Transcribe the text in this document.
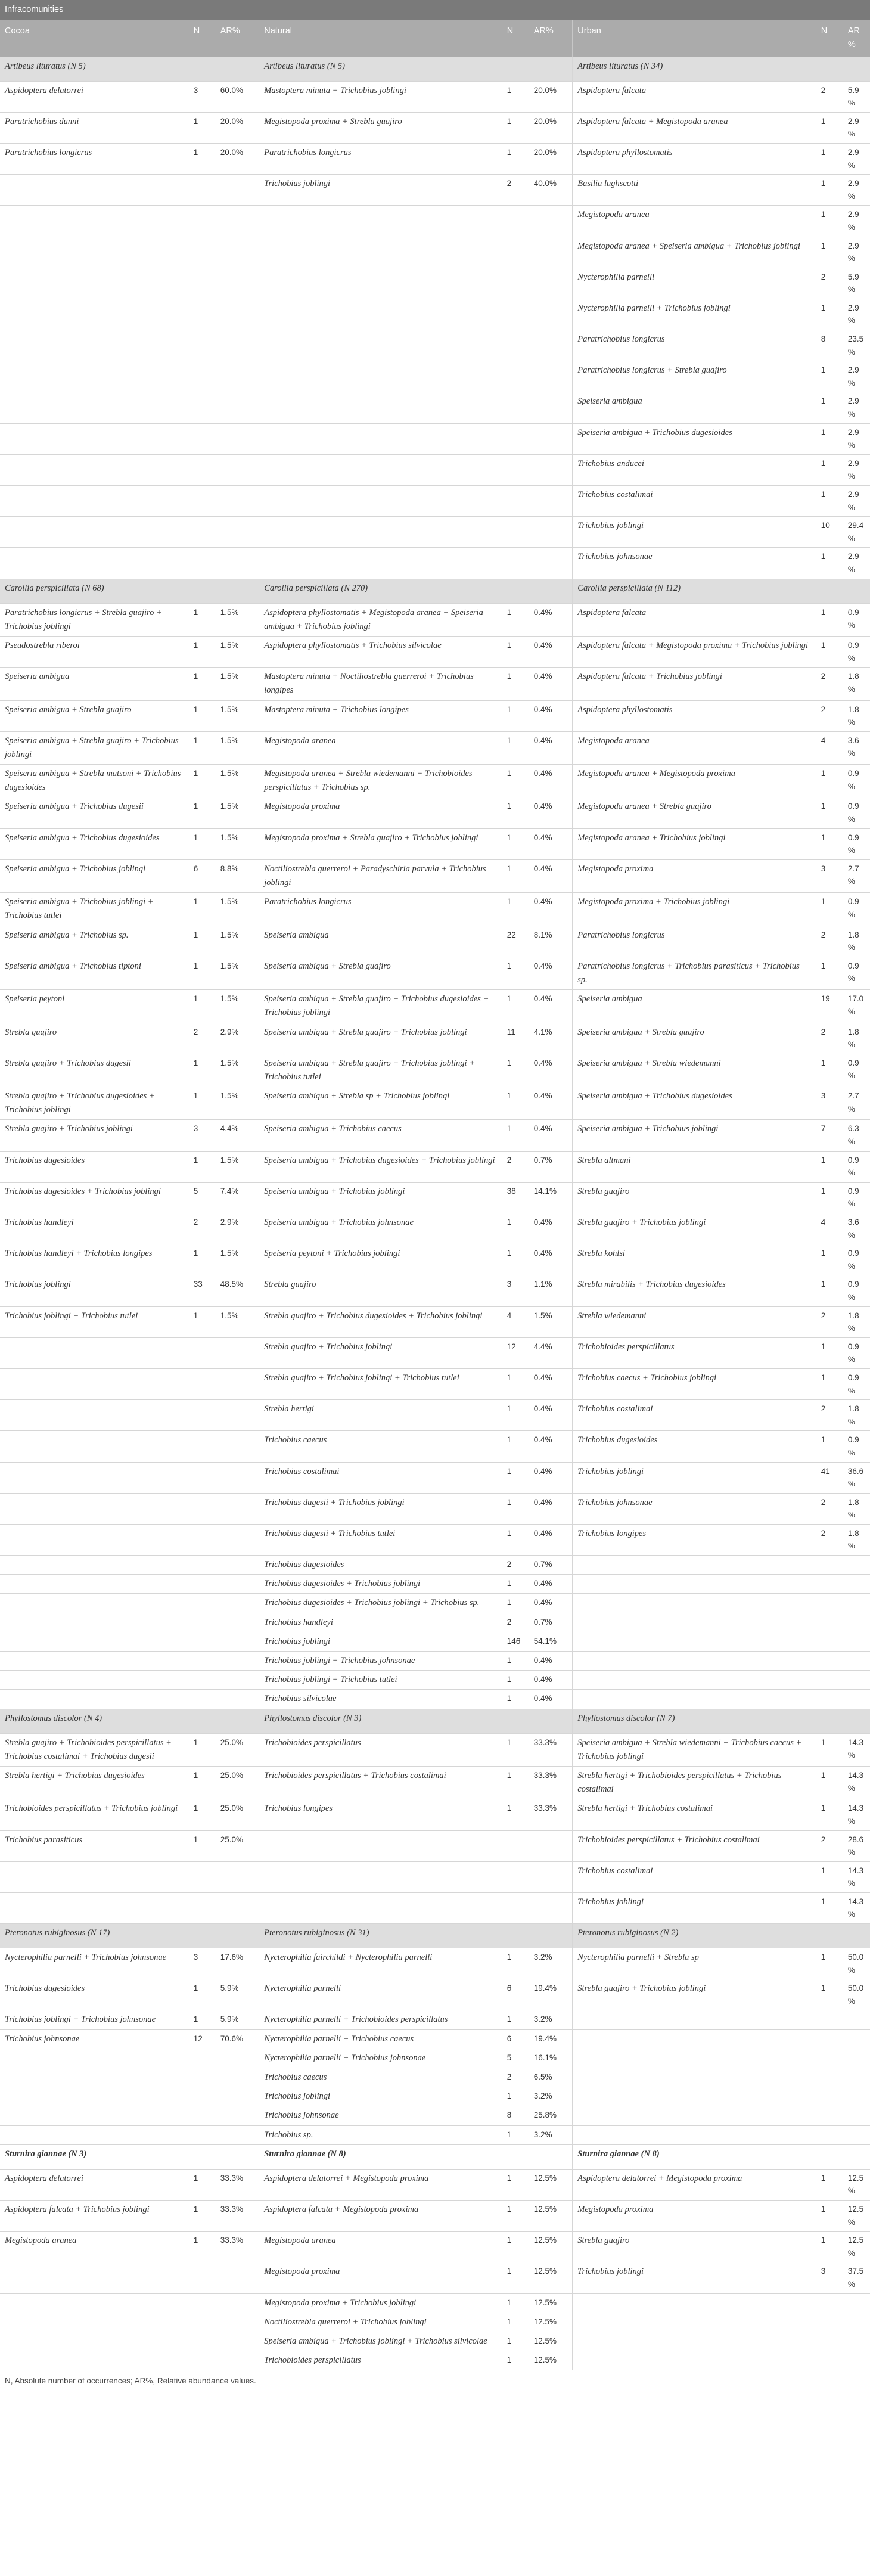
Infracomunities								
Cocoa	N	AR%	Natural	N	AR%	Urban	N	AR%
Artibeus lituratus (N 5)			Artibeus lituratus (N 5)			Artibeus lituratus (N 34)		
Aspidoptera delatorrei	3	60.0%	Mastoptera minuta + Trichobius joblingi	1	20.0%	Aspidoptera falcata	2	5.9%
Paratrichobius dunni	1	20.0%	Megistopoda proxima + Strebla guajiro	1	20.0%	Aspidoptera falcata + Megistopoda aranea	1	2.9%
Paratrichobius longicrus	1	20.0%	Paratrichobius longicrus	1	20.0%	Aspidoptera phyllostomatis	1	2.9%
			Trichobius joblingi	2	40.0%	Basilia lughscotti	1	2.9%
						Megistopoda aranea	1	2.9%
						Megistopoda aranea + Speiseria ambigua + Trichobius joblingi	1	2.9%
						Nycterophilia parnelli	2	5.9%
						Nycterophilia parnelli + Trichobius joblingi	1	2.9%
						Paratrichobius longicrus	8	23.5%
						Paratrichobius longicrus + Strebla guajiro	1	2.9%
						Speiseria ambigua	1	2.9%
						Speiseria ambigua + Trichobius dugesioides	1	2.9%
						Trichobius anducei	1	2.9%
						Trichobius costalimai	1	2.9%
						Trichobius joblingi	10	29.4%
						Trichobius johnsonae	1	2.9%
Carollia perspicillata (N 68)			Carollia perspicillata (N 270)			Carollia perspicillata (N 112)		
Paratrichobius longicrus + Strebla guajiro + Trichobius joblingi	1	1.5%	Aspidoptera phyllostomatis + Megistopoda aranea + Speiseria ambigua + Trichobius joblingi	1	0.4%	Aspidoptera falcata	1	0.9%
Pseudostrebla riberoi	1	1.5%	Aspidoptera phyllostomatis + Trichobius silvicolae	1	0.4%	Aspidoptera falcata + Megistopoda proxima + Trichobius joblingi	1	0.9%
Speiseria ambigua	1	1.5%	Mastoptera minuta + Noctiliostrebla guerreroi + Trichobius longipes	1	0.4%	Aspidoptera falcata + Trichobius joblingi	2	1.8%
Speiseria ambigua + Strebla guajiro	1	1.5%	Mastoptera minuta + Trichobius longipes	1	0.4%	Aspidoptera phyllostomatis	2	1.8%
Speiseria ambigua + Strebla guajiro + Trichobius joblingi	1	1.5%	Megistopoda aranea	1	0.4%	Megistopoda aranea	4	3.6%
Speiseria ambigua + Strebla matsoni + Trichobius dugesioides	1	1.5%	Megistopoda aranea + Strebla wiedemanni + Trichobioides perspicillatus + Trichobius sp.	1	0.4%	Megistopoda aranea + Megistopoda proxima	1	0.9%
Speiseria ambigua + Trichobius dugesii	1	1.5%	Megistopoda proxima	1	0.4%	Megistopoda aranea + Strebla guajiro	1	0.9%
Speiseria ambigua + Trichobius dugesioides	1	1.5%	Megistopoda proxima + Strebla guajiro + Trichobius joblingi	1	0.4%	Megistopoda aranea + Trichobius joblingi	1	0.9%
Speiseria ambigua + Trichobius joblingi	6	8.8%	Noctiliostrebla guerreroi + Paradyschiria parvula + Trichobius joblingi	1	0.4%	Megistopoda proxima	3	2.7%
Speiseria ambigua + Trichobius joblingi + Trichobius tutlei	1	1.5%	Paratrichobius longicrus	1	0.4%	Megistopoda proxima + Trichobius joblingi	1	0.9%
Speiseria ambigua + Trichobius sp.	1	1.5%	Speiseria ambigua	22	8.1%	Paratrichobius longicrus	2	1.8%
Speiseria ambigua + Trichobius tiptoni	1	1.5%	Speiseria ambigua + Strebla guajiro	1	0.4%	Paratrichobius longicrus + Trichobius parasiticus + Trichobius sp.	1	0.9%
Speiseria peytoni	1	1.5%	Speiseria ambigua + Strebla guajiro + Trichobius dugesioides + Trichobius joblingi	1	0.4%	Speiseria ambigua	19	17.0%
Strebla guajiro	2	2.9%	Speiseria ambigua + Strebla guajiro + Trichobius joblingi	11	4.1%	Speiseria ambigua + Strebla guajiro	2	1.8%
Strebla guajiro + Trichobius dugesii	1	1.5%	Speiseria ambigua + Strebla guajiro + Trichobius joblingi + Trichobius tutlei	1	0.4%	Speiseria ambigua + Strebla wiedemanni	1	0.9%
Strebla guajiro + Trichobius dugesioides + Trichobius joblingi	1	1.5%	Speiseria ambigua + Strebla sp + Trichobius joblingi	1	0.4%	Speiseria ambigua + Trichobius dugesioides	3	2.7%
Strebla guajiro + Trichobius joblingi	3	4.4%	Speiseria ambigua + Trichobius caecus	1	0.4%	Speiseria ambigua + Trichobius joblingi	7	6.3%
Trichobius dugesioides	1	1.5%	Speiseria ambigua + Trichobius dugesioides + Trichobius joblingi	2	0.7%	Strebla altmani	1	0.9%
Trichobius dugesioides + Trichobius joblingi	5	7.4%	Speiseria ambigua + Trichobius joblingi	38	14.1%	Strebla guajiro	1	0.9%
Trichobius handleyi	2	2.9%	Speiseria ambigua + Trichobius johnsonae	1	0.4%	Strebla guajiro + Trichobius joblingi	4	3.6%
Trichobius handleyi + Trichobius longipes	1	1.5%	Speiseria peytoni + Trichobius joblingi	1	0.4%	Strebla kohlsi	1	0.9%
Trichobius joblingi	33	48.5%	Strebla guajiro	3	1.1%	Strebla mirabilis + Trichobius dugesioides	1	0.9%
Trichobius joblingi + Trichobius tutlei	1	1.5%	Strebla guajiro + Trichobius dugesioides + Trichobius joblingi	4	1.5%	Strebla wiedemanni	2	1.8%
			Strebla guajiro + Trichobius joblingi	12	4.4%	Trichobioides perspicillatus	1	0.9%
			Strebla guajiro + Trichobius joblingi + Trichobius tutlei	1	0.4%	Trichobius caecus + Trichobius joblingi	1	0.9%
			Strebla hertigi	1	0.4%	Trichobius costalimai	2	1.8%
			Trichobius caecus	1	0.4%	Trichobius dugesioides	1	0.9%
			Trichobius costalimai	1	0.4%	Trichobius joblingi	41	36.6%
			Trichobius dugesii + Trichobius joblingi	1	0.4%	Trichobius johnsonae	2	1.8%
			Trichobius dugesii + Trichobius tutlei	1	0.4%	Trichobius longipes	2	1.8%
			Trichobius dugesioides	2	0.7%			
			Trichobius dugesioides + Trichobius joblingi	1	0.4%			
			Trichobius dugesioides + Trichobius joblingi + Trichobius sp.	1	0.4%			
			Trichobius handleyi	2	0.7%			
			Trichobius joblingi	146	54.1%			
			Trichobius joblingi + Trichobius johnsonae	1	0.4%			
			Trichobius joblingi + Trichobius tutlei	1	0.4%			
			Trichobius silvicolae	1	0.4%			
Phyllostomus discolor (N 4)			Phyllostomus discolor (N 3)			Phyllostomus discolor (N 7)		
Strebla guajiro + Trichobioides perspicillatus + Trichobius costalimai + Trichobius dugesii	1	25.0%	Trichobioides perspicillatus	1	33.3%	Speiseria ambigua + Strebla wiedemanni + Trichobius caecus + Trichobius joblingi	1	14.3%
Strebla hertigi + Trichobius dugesioides	1	25.0%	Trichobioides perspicillatus + Trichobius costalimai	1	33.3%	Strebla hertigi + Trichobioides perspicillatus + Trichobius costalimai	1	14.3%
Trichobioides perspicillatus + Trichobius joblingi	1	25.0%	Trichobius longipes	1	33.3%	Strebla hertigi + Trichobius costalimai	1	14.3%
Trichobius parasiticus	1	25.0%				Trichobioides perspicillatus + Trichobius costalimai	2	28.6%
						Trichobius costalimai	1	14.3%
						Trichobius joblingi	1	14.3%
Pteronotus rubiginosus (N 17)			Pteronotus rubiginosus (N 31)			Pteronotus rubiginosus (N 2)		
Nycterophilia parnelli + Trichobius johnsonae	3	17.6%	Nycterophilia fairchildi + Nycterophilia parnelli	1	3.2%	Nycterophilia parnelli + Strebla sp	1	50.0%
Trichobius dugesioides	1	5.9%	Nycterophilia parnelli	6	19.4%	Strebla guajiro + Trichobius joblingi	1	50.0%
Trichobius joblingi + Trichobius johnsonae	1	5.9%	Nycterophilia parnelli + Trichobioides perspicillatus	1	3.2%			
Trichobius johnsonae	12	70.6%	Nycterophilia parnelli + Trichobius caecus	6	19.4%			
			Nycterophilia parnelli + Trichobius johnsonae	5	16.1%			
			Trichobius caecus	2	6.5%			
			Trichobius joblingi	1	3.2%			
			Trichobius johnsonae	8	25.8%			
			Trichobius sp.	1	3.2%			
Sturnira giannae (N 3)			Sturnira giannae (N 8)			Sturnira giannae (N 8)		
Aspidoptera delatorrei	1	33.3%	Aspidoptera delatorrei + Megistopoda proxima	1	12.5%	Aspidoptera delatorrei + Megistopoda proxima	1	12.5%
Aspidoptera falcata + Trichobius joblingi	1	33.3%	Aspidoptera falcata + Megistopoda proxima	1	12.5%	Megistopoda proxima	1	12.5%
Megistopoda aranea	1	33.3%	Megistopoda aranea	1	12.5%	Strebla guajiro	1	12.5%
			Megistopoda proxima	1	12.5%	Trichobius joblingi	3	37.5%
			Megistopoda proxima + Trichobius joblingi	1	12.5%			
			Noctiliostrebla guerreroi + Trichobius joblingi	1	12.5%			
			Speiseria ambigua + Trichobius joblingi + Trichobius silvicolae	1	12.5%			
			Trichobioides perspicillatus	1	12.5%			
N, Absolute number of occurrences; AR%, Relative abundance values.
